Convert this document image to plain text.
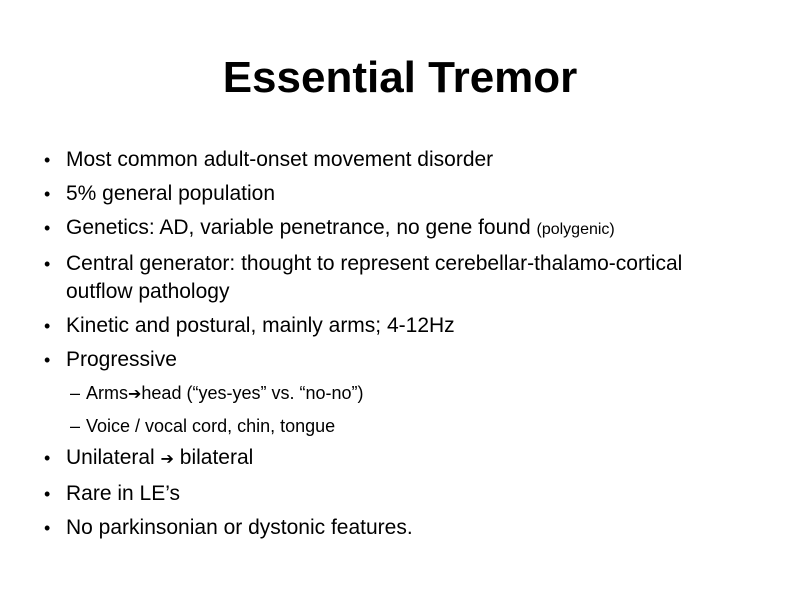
Essential Tremor
• Most common adult-onset movement disorder
• 5% general population
• Genetics: AD, variable penetrance, no gene found (polygenic)
• Central generator: thought to represent cerebellar-thalamo-cortical outflow pathology
• Kinetic and postural, mainly arms; 4-12Hz
• Progressive
– Arms➔head (“yes-yes” vs. “no-no”)
– Voice / vocal cord, chin, tongue
• Unilateral ➔ bilateral
• Rare in LE’s
• No parkinsonian or dystonic features.
